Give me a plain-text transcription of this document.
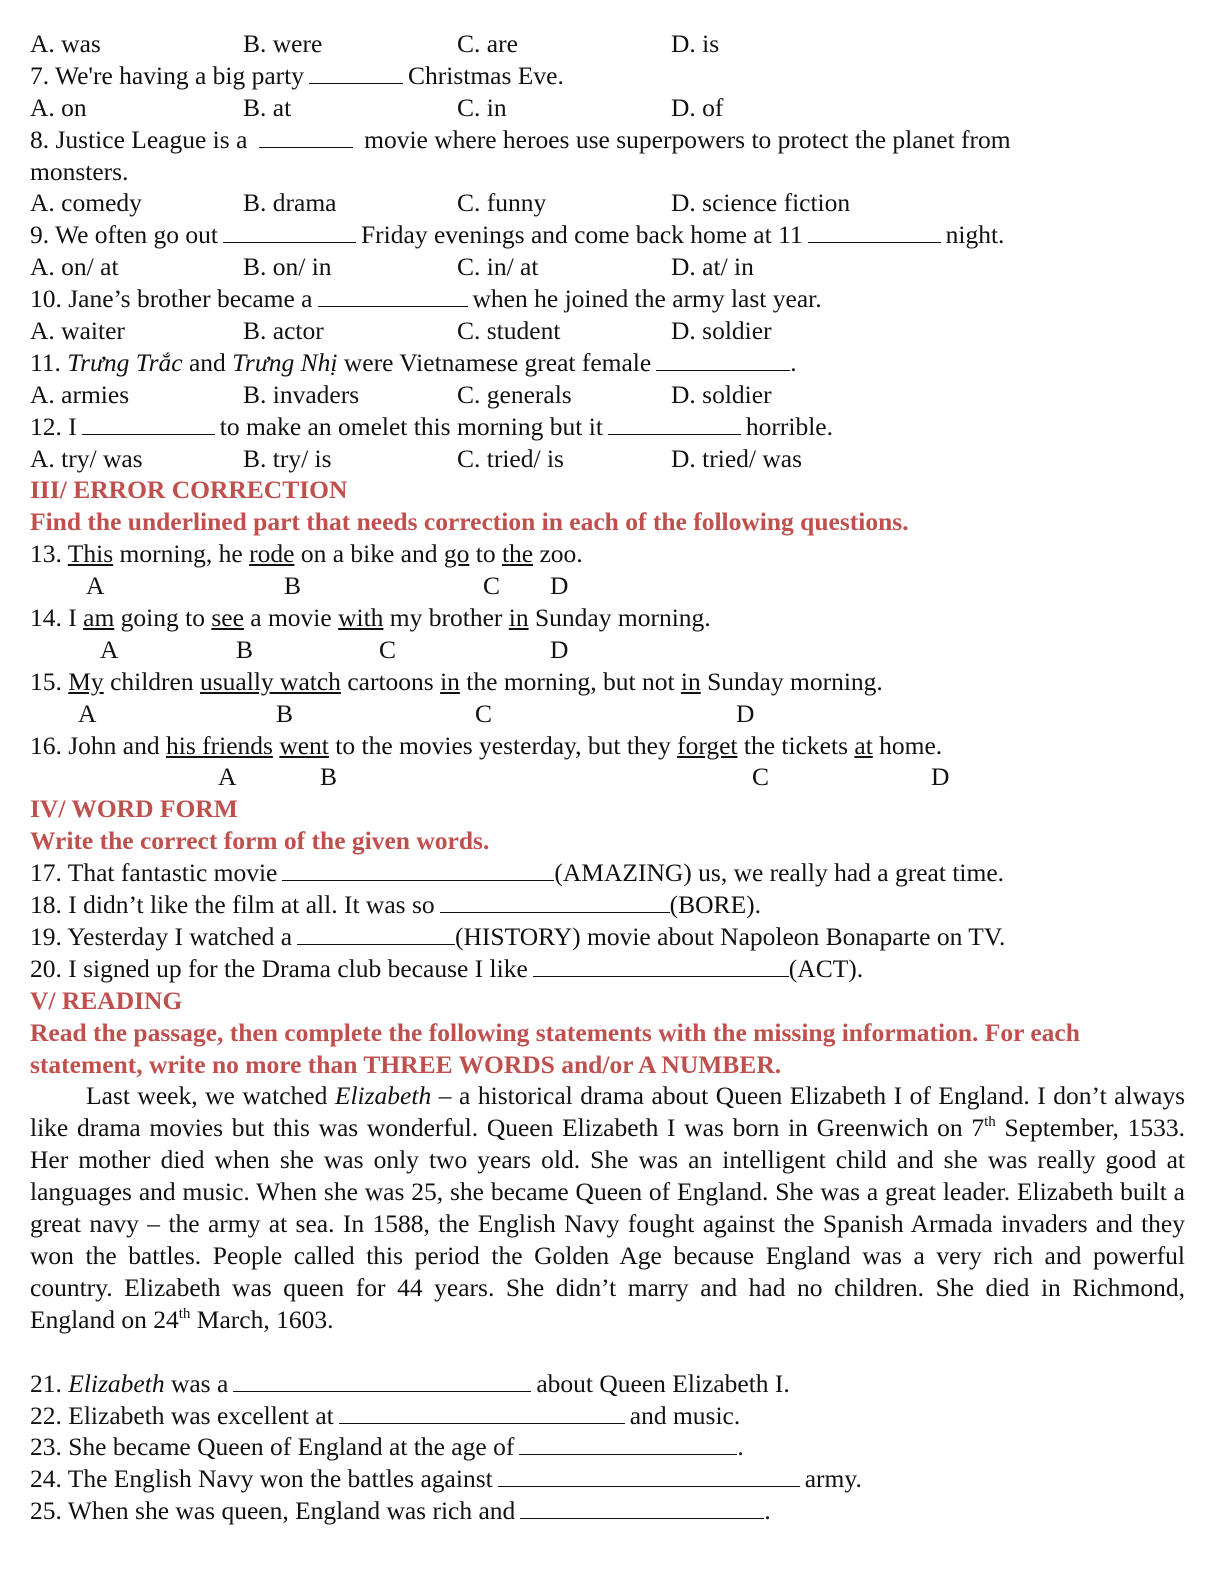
A. was	B. were	C. are	D. is
7. We're having a big party	Christmas Eve.
A. on	B. at	C. in	D. of
8. Justice League is a	movie where heroes use superpowers to protect the planet from
monsters.
A. comedy	B. drama	C. funny	D. science fiction
9. We often go out	Friday evenings and come back home at 11	night.
A. on/ at	B. on/ in	C. in/ at	D. at/ in
10. Jane’s brother became a	when he joined the army last year.
A. waiter	B. actor	C. student	D. soldier
11. Trưng Trắc and Trưng Nhị were Vietnamese great female	.
A. armies	B. invaders	C. generals	D. soldier
12. I	to make an omelet this morning but it	horrible.
A. try/ was	B. try/ is	C. tried/ is	D. tried/ was
III/ ERROR CORRECTION
Find the underlined part that needs correction in each of the following questions.
13. This morning, he rode on a bike and go to the zoo.
A	B	C D
14. I am going to see a movie with my brother in Sunday morning.
A	B	C	D
15. My children usually watch cartoons in the morning, but not in Sunday morning.
A	B	C	D
16. John and his friends went to the movies yesterday, but they forget the tickets at home.
A	B	C	D
IV/ WORD FORM
Write the correct form of the given words.
17. That fantastic movie	(AMAZING) us, we really had a great time.
18. I didn’t like the film at all. It was so	(BORE).
19. Yesterday I watched a	(HISTORY) movie about Napoleon Bonaparte on TV.
20. I signed up for the Drama club because I like	(ACT).
V/ READING
Read the passage, then complete the following statements with the missing information. For each
statement, write no more than THREE WORDS and/or A NUMBER.

Last week, we watched Elizabeth – a historical drama about Queen Elizabeth I of England. I don’t always like drama movies but this was wonderful. Queen Elizabeth I was born in Greenwich on 7th September, 1533. Her mother died when she was only two years old. She was an intelligent child and she was really good at languages and music. When she was 25, she became Queen of England. She was a great leader. Elizabeth built a great navy – the army at sea. In 1588, the English Navy fought against the Spanish Armada invaders and they won the battles. People called this period the Golden Age because England was a very rich and powerful country. Elizabeth was queen for 44 years. She didn’t marry and had no children. She died in Richmond, England on 24th March, 1603.

21. Elizabeth was a	about Queen Elizabeth I.
22. Elizabeth was excellent at	and music.
23. She became Queen of England at the age of	.
24. The English Navy won the battles against	army.
25. When she was queen, England was rich and	.
